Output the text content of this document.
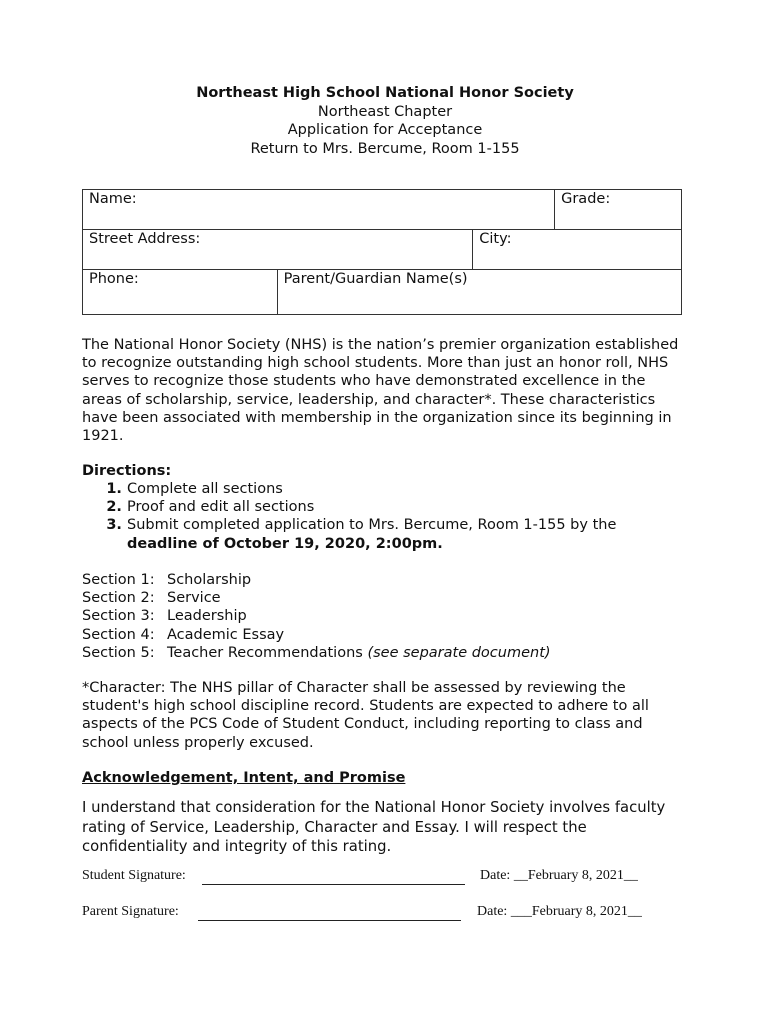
Northeast High School National Honor Society
Northeast Chapter
Application for Acceptance
Return to Mrs. Bercume, Room 1-155
Name:			Grade:
Street Address:		City:	
Phone:	Parent/Guardian Name(s)		
The National Honor Society (NHS) is the nation’s premier organization established to recognize outstanding high school students. More than just an honor roll, NHS serves to recognize those students who have demonstrated excellence in the areas of scholarship, service, leadership, and character*. These characteristics have been associated with membership in the organization since its beginning in 1921.
Directions:
1. Complete all sections
2. Proof and edit all sections
3. Submit completed application to Mrs. Bercume, Room 1-155 by the deadline of October 19, 2020, 2:00pm.
Section 1: Scholarship
Section 2: Service
Section 3: Leadership
Section 4: Academic Essay
Section 5: Teacher Recommendations (see separate document)
*Character: The NHS pillar of Character shall be assessed by reviewing the student's high school discipline record. Students are expected to adhere to all aspects of the PCS Code of Student Conduct, including reporting to class and school unless properly excused.
Acknowledgement, Intent, and Promise
I understand that consideration for the National Honor Society involves faculty rating of Service, Leadership, Character and Essay. I will respect the confidentiality and integrity of this rating.
Student Signature:	Date: __February 8, 2021__
Parent Signature:	Date: ___February 8, 2021__
